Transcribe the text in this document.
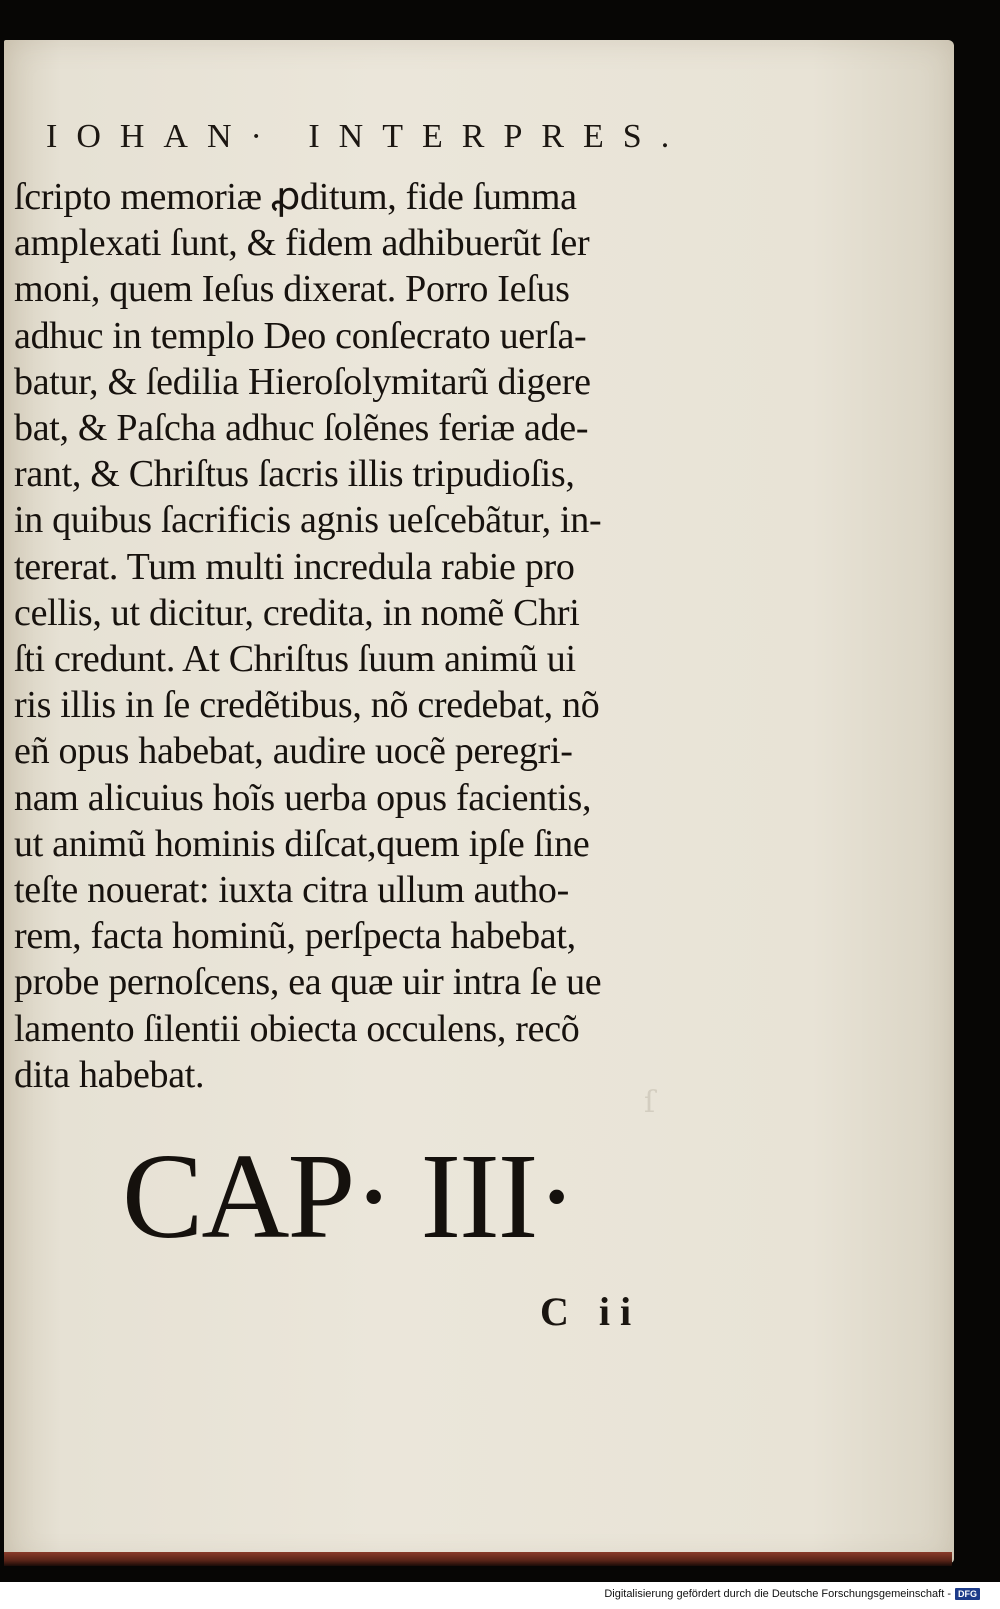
ſ
IOHAN· INTERPRES.
ſcripto memoriæ ꝓditum, fide ſumma
amplexati ſunt, & fidem adhibuerũt ſer
moni, quem Ieſus dixerat. Porro Ieſus
adhuc in templo Deo conſecrato uerſa-
batur, & ſedilia Hieroſolymitarũ digere
bat, & Paſcha adhuc ſolẽnes feriæ ade-
rant, & Chriſtus ſacris illis tripudioſis,
in quibus ſacrificis agnis ueſcebãtur, in-
tererat. Tum multi incredula rabie pro
cellis, ut dicitur, credita, in nomẽ Chri
ſti credunt. At Chriſtus ſuum animũ ui
ris illis in ſe credẽtibus, nõ credebat, nõ
eñ opus habebat, audire uocẽ peregri-
nam alicuius hoĩs uerba opus facientis,
ut animũ hominis diſcat,quem ipſe ſine
teſte nouerat: iuxta citra ullum autho-
rem, facta hominũ, perſpecta habebat,
probe pernoſcens, ea quæ uir intra ſe ue
lamento ſilentii obiecta occulens, recõ
dita habebat.
CAP· III·
C ii
Digitalisierung gefördert durch die Deutsche Forschungsgemeinschaft - DFG
